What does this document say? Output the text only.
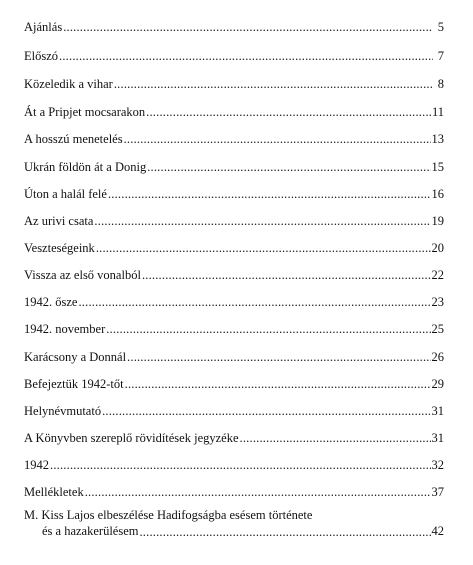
Ajánlás .....	5
Előszó .....	7
Közeledik a vihar .....	8
Át a Pripjet mocsarakon .....	11
A hosszú menetelés .....	13
Ukrán földön át a Donig .....	15
Úton a halál felé .....	16
Az urivi csata .....	19
Veszteségeink .....	20
Vissza az első vonalból .....	22
1942. ősze .....	23
1942. november .....	25
Karácsony a Donnál .....	26
Befejeztük 1942-tőt .....	29
Helynévmutató .....	31
A Könyvben szereplő rövidítések jegyzéke .....	31
1942 .....	32
Mellékletek .....	37
M. Kiss Lajos elbeszélése Hadifogságba esésem története
és a hazakerülésem .....	42
